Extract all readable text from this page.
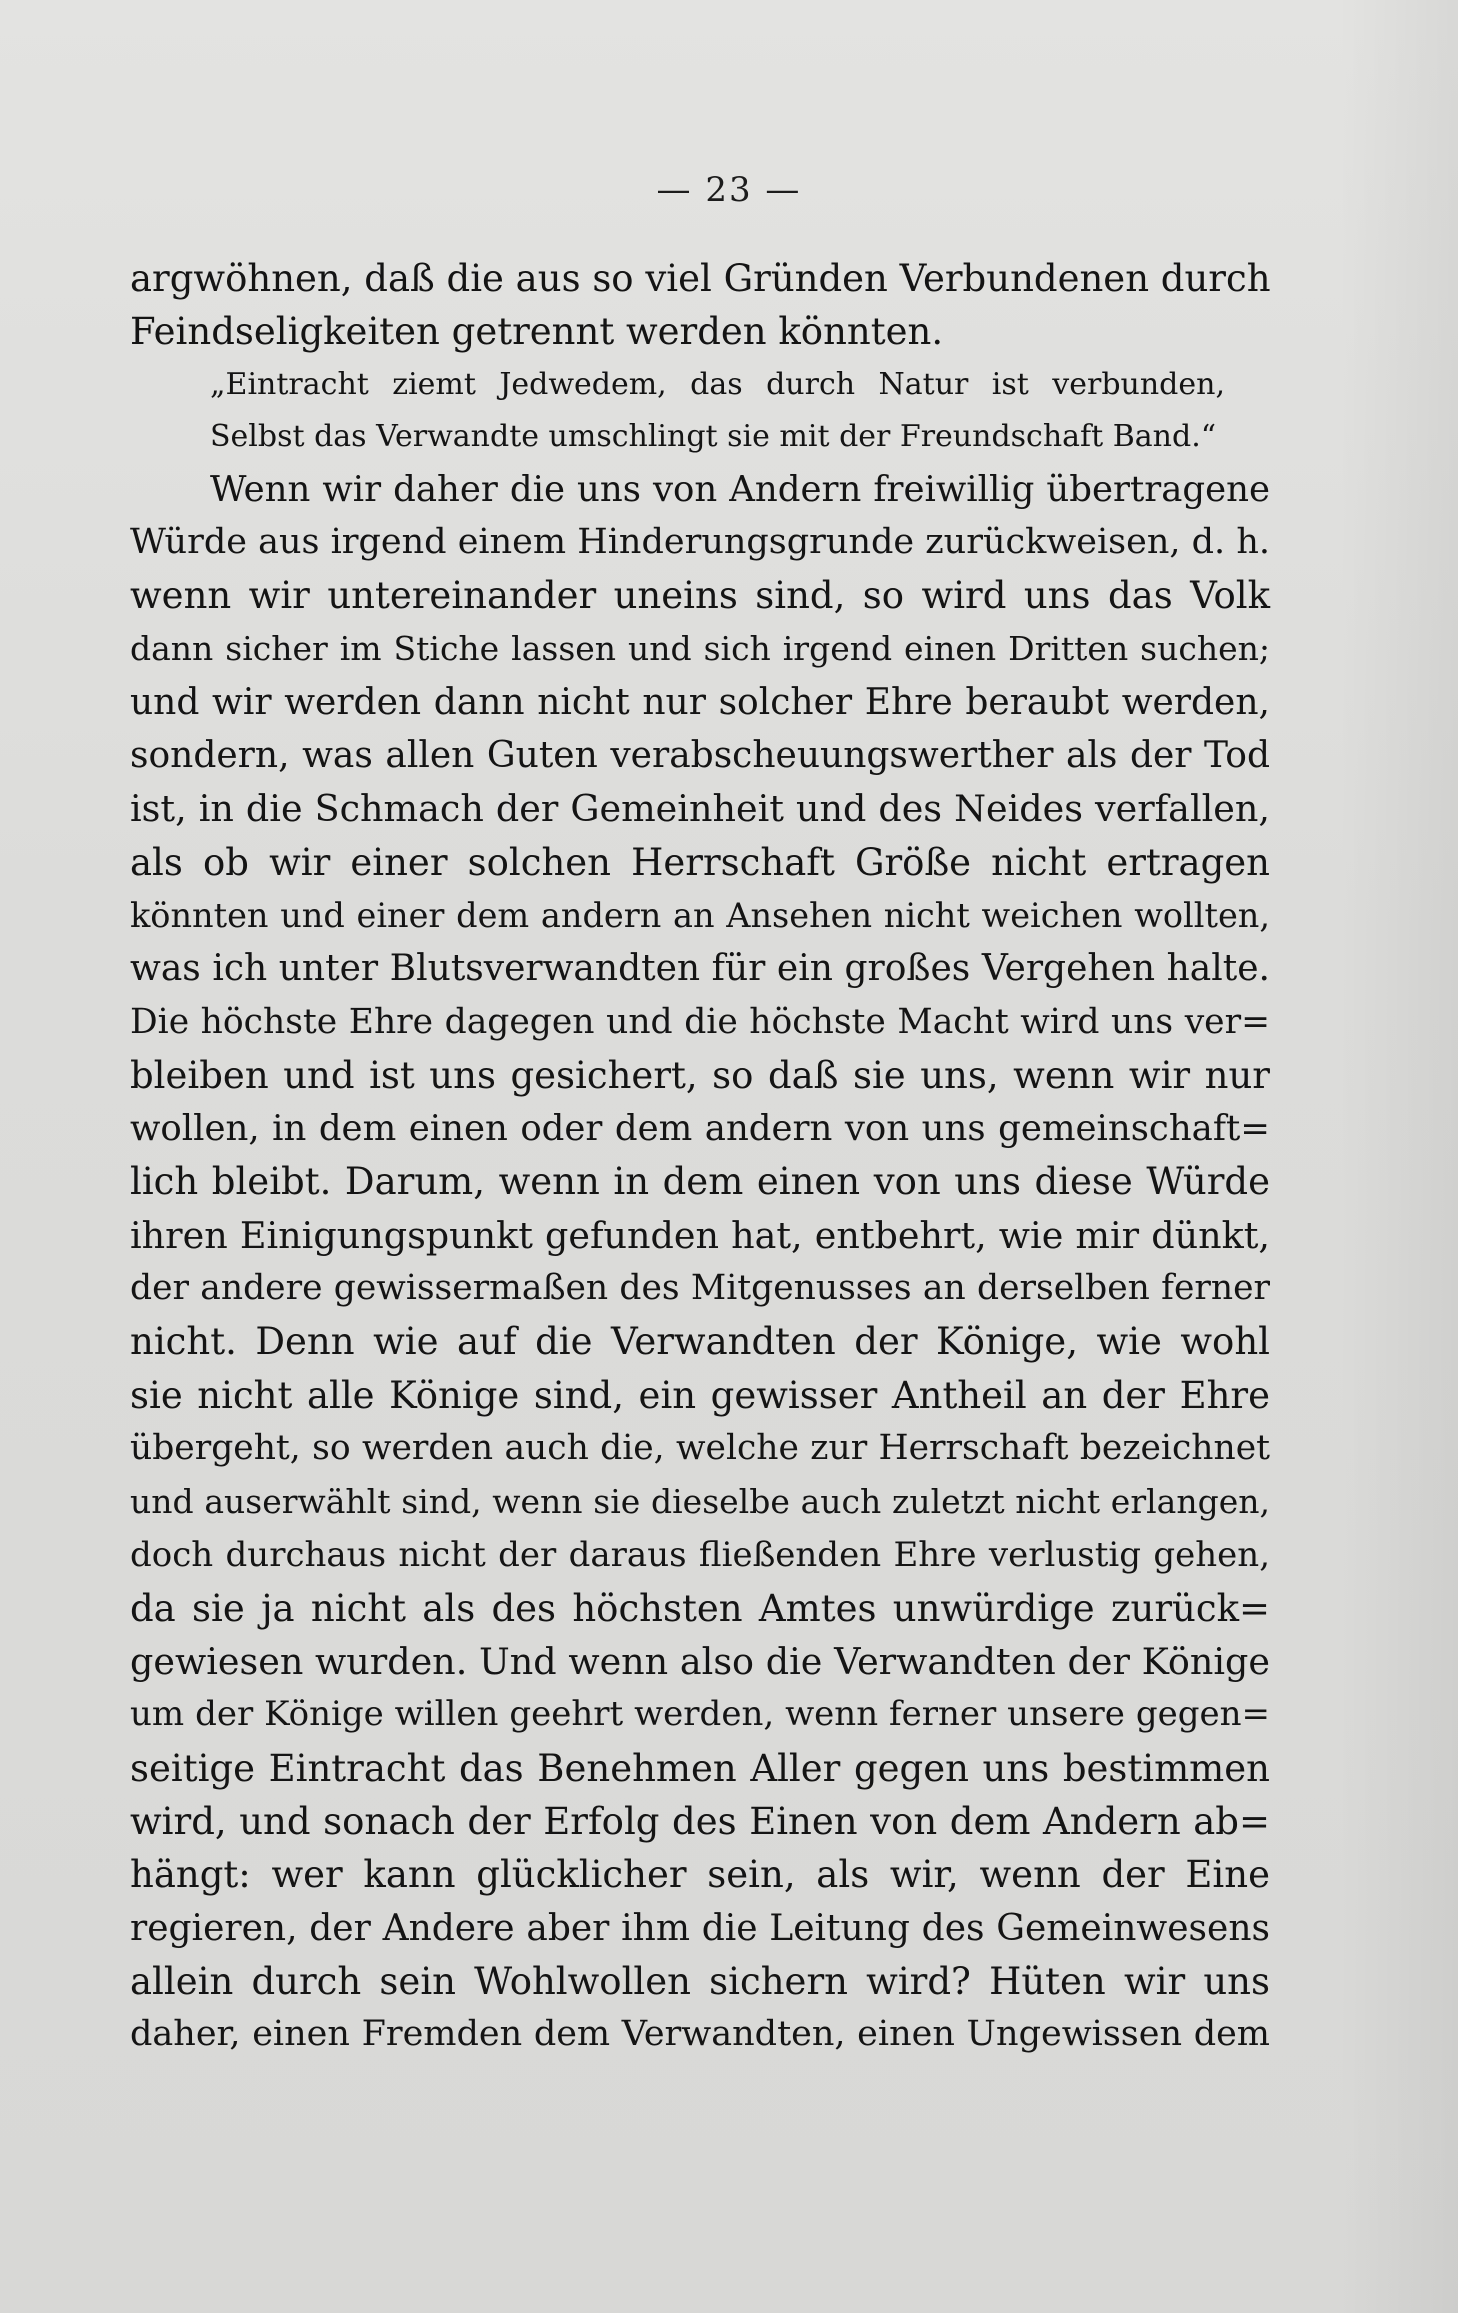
— 23 —
argwöhnen, daß die aus so viel Gründen Verbundenen durch
Feindseligkeiten getrennt werden könnten.
„Eintracht ziemt Jedwedem, das durch Natur ist verbunden,
Selbst das Verwandte umschlingt sie mit der Freundschaft Band.“
Wenn wir daher die uns von Andern freiwillig übertragene
Würde aus irgend einem Hinderungsgrunde zurückweisen, d. h.
wenn wir untereinander uneins sind, so wird uns das Volk
dann sicher im Stiche lassen und sich irgend einen Dritten suchen;
und wir werden dann nicht nur solcher Ehre beraubt werden,
sondern, was allen Guten verabscheuungswerther als der Tod
ist, in die Schmach der Gemeinheit und des Neides verfallen,
als ob wir einer solchen Herrschaft Größe nicht ertragen
könnten und einer dem andern an Ansehen nicht weichen wollten,
was ich unter Blutsverwandten für ein großes Vergehen halte.
Die höchste Ehre dagegen und die höchste Macht wird uns ver=
bleiben und ist uns gesichert, so daß sie uns, wenn wir nur
wollen, in dem einen oder dem andern von uns gemeinschaft=
lich bleibt. Darum, wenn in dem einen von uns diese Würde
ihren Einigungspunkt gefunden hat, entbehrt, wie mir dünkt,
der andere gewissermaßen des Mitgenusses an derselben ferner
nicht. Denn wie auf die Verwandten der Könige, wie wohl
sie nicht alle Könige sind, ein gewisser Antheil an der Ehre
übergeht, so werden auch die, welche zur Herrschaft bezeichnet
und auserwählt sind, wenn sie dieselbe auch zuletzt nicht erlangen,
doch durchaus nicht der daraus fließenden Ehre verlustig gehen,
da sie ja nicht als des höchsten Amtes unwürdige zurück=
gewiesen wurden. Und wenn also die Verwandten der Könige
um der Könige willen geehrt werden, wenn ferner unsere gegen=
seitige Eintracht das Benehmen Aller gegen uns bestimmen
wird, und sonach der Erfolg des Einen von dem Andern ab=
hängt: wer kann glücklicher sein, als wir, wenn der Eine
regieren, der Andere aber ihm die Leitung des Gemeinwesens
allein durch sein Wohlwollen sichern wird? Hüten wir uns
daher, einen Fremden dem Verwandten, einen Ungewissen dem
